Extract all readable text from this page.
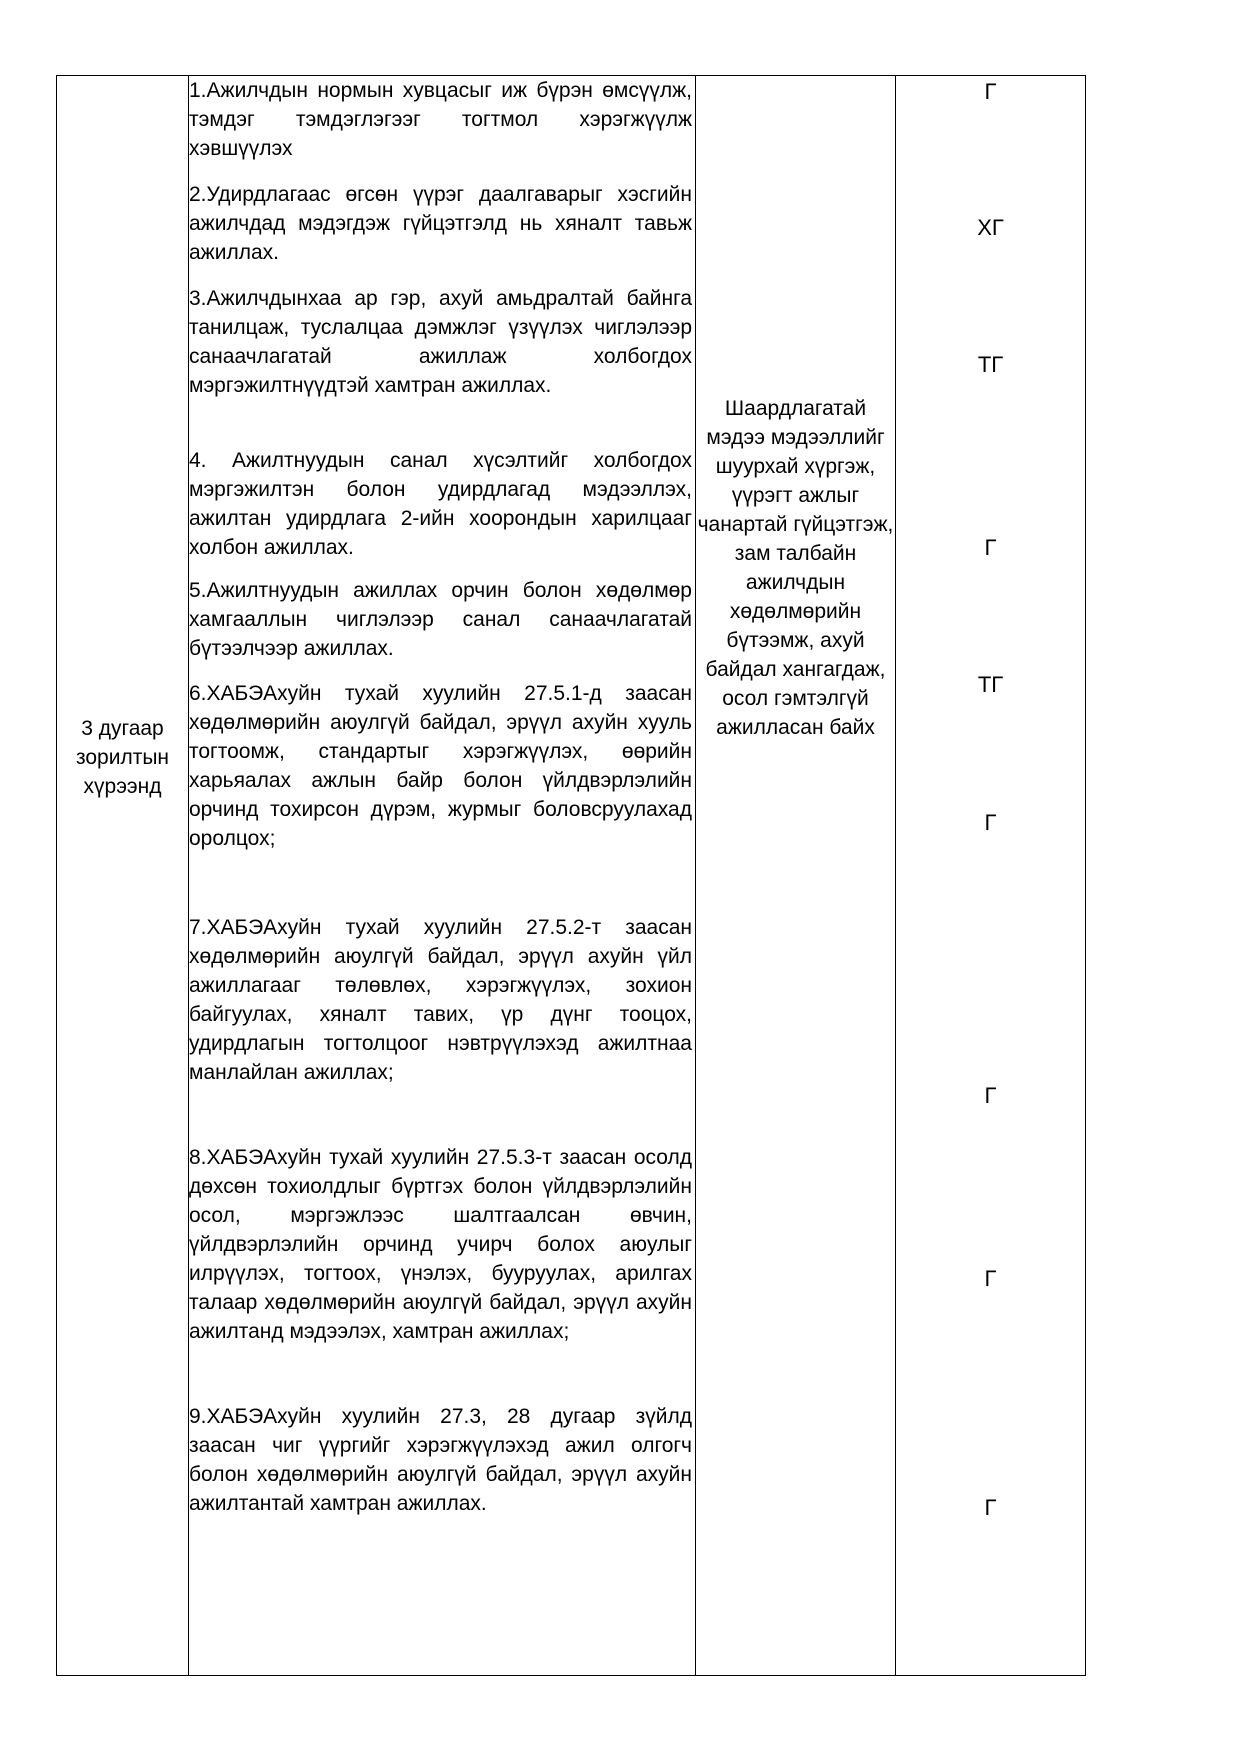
3 дугаар зорилтын хүрээнд
1.Ажилчдын нормын хувцасыг иж бүрэн өмсүүлж, тэмдэг тэмдэглэгээг тогтмол хэрэгжүүлж хэвшүүлэх
2.Удирдлагаас өгсөн үүрэг даалгаварыг хэсгийн ажилчдад мэдэгдэж гүйцэтгэлд нь хяналт тавьж ажиллах.
3.Ажилчдынхаа ар гэр, ахуй амьдралтай байнга танилцаж, туслалцаа дэмжлэг үзүүлэх чиглэлээр санаачлагатай ажиллаж холбогдох мэргэжилтнүүдтэй хамтран ажиллах.
4. Ажилтнуудын санал хүсэлтийг холбогдох мэргэжилтэн болон удирдлагад мэдээллэх, ажилтан удирдлага 2-ийн хоорондын харилцааг холбон ажиллах.
5.Ажилтнуудын ажиллах орчин болон хөдөлмөр хамгааллын чиглэлээр санал санаачлагатай бүтээлчээр ажиллах.
6.ХАБЭАхуйн тухай хуулийн 27.5.1-д заасан хөдөлмөрийн аюулгүй байдал, эрүүл ахуйн хууль тогтоомж, стандартыг хэрэгжүүлэх, өөрийн харьяалах ажлын байр болон үйлдвэрлэлийн орчинд тохирсон дүрэм, журмыг боловсруулахад оролцох;
7.ХАБЭАхуйн тухай хуулийн 27.5.2-т заасан хөдөлмөрийн аюулгүй байдал, эрүүл ахуйн үйл ажиллагааг төлөвлөх, хэрэгжүүлэх, зохион байгуулах, хяналт тавих, үр дүнг тооцох, удирдлагын тогтолцоог нэвтрүүлэхэд ажилтнаа манлайлан ажиллах;
8.ХАБЭАхуйн тухай хуулийн 27.5.3-т заасан осолд дөхсөн тохиолдлыг бүртгэх болон үйлдвэрлэлийн осол, мэргэжлээс шалтгаалсан өвчин, үйлдвэрлэлийн орчинд учирч болох аюулыг илрүүлэх, тогтоох, үнэлэх, бууруулах, арилгах талаар хөдөлмөрийн аюулгүй байдал, эрүүл ахуйн ажилтанд мэдээлэх, хамтран ажиллах;
9.ХАБЭАхуйн хуулийн 27.3, 28 дугаар зүйлд заасан чиг үүргийг хэрэгжүүлэхэд ажил олгогч болон хөдөлмөрийн аюулгүй байдал, эрүүл ахуйн ажилтантай хамтран ажиллах.
Шаардлагатай мэдээ мэдээллийг шуурхай хүргэж, үүрэгт ажлыг чанартай гүйцэтгэж, зам талбайн ажилчдын хөдөлмөрийн бүтээмж, ахуй байдал хангагдаж, осол гэмтэлгүй ажилласан байх
Г
ХГ
ТГ
Г
ТГ
Г
Г
Г
Г
